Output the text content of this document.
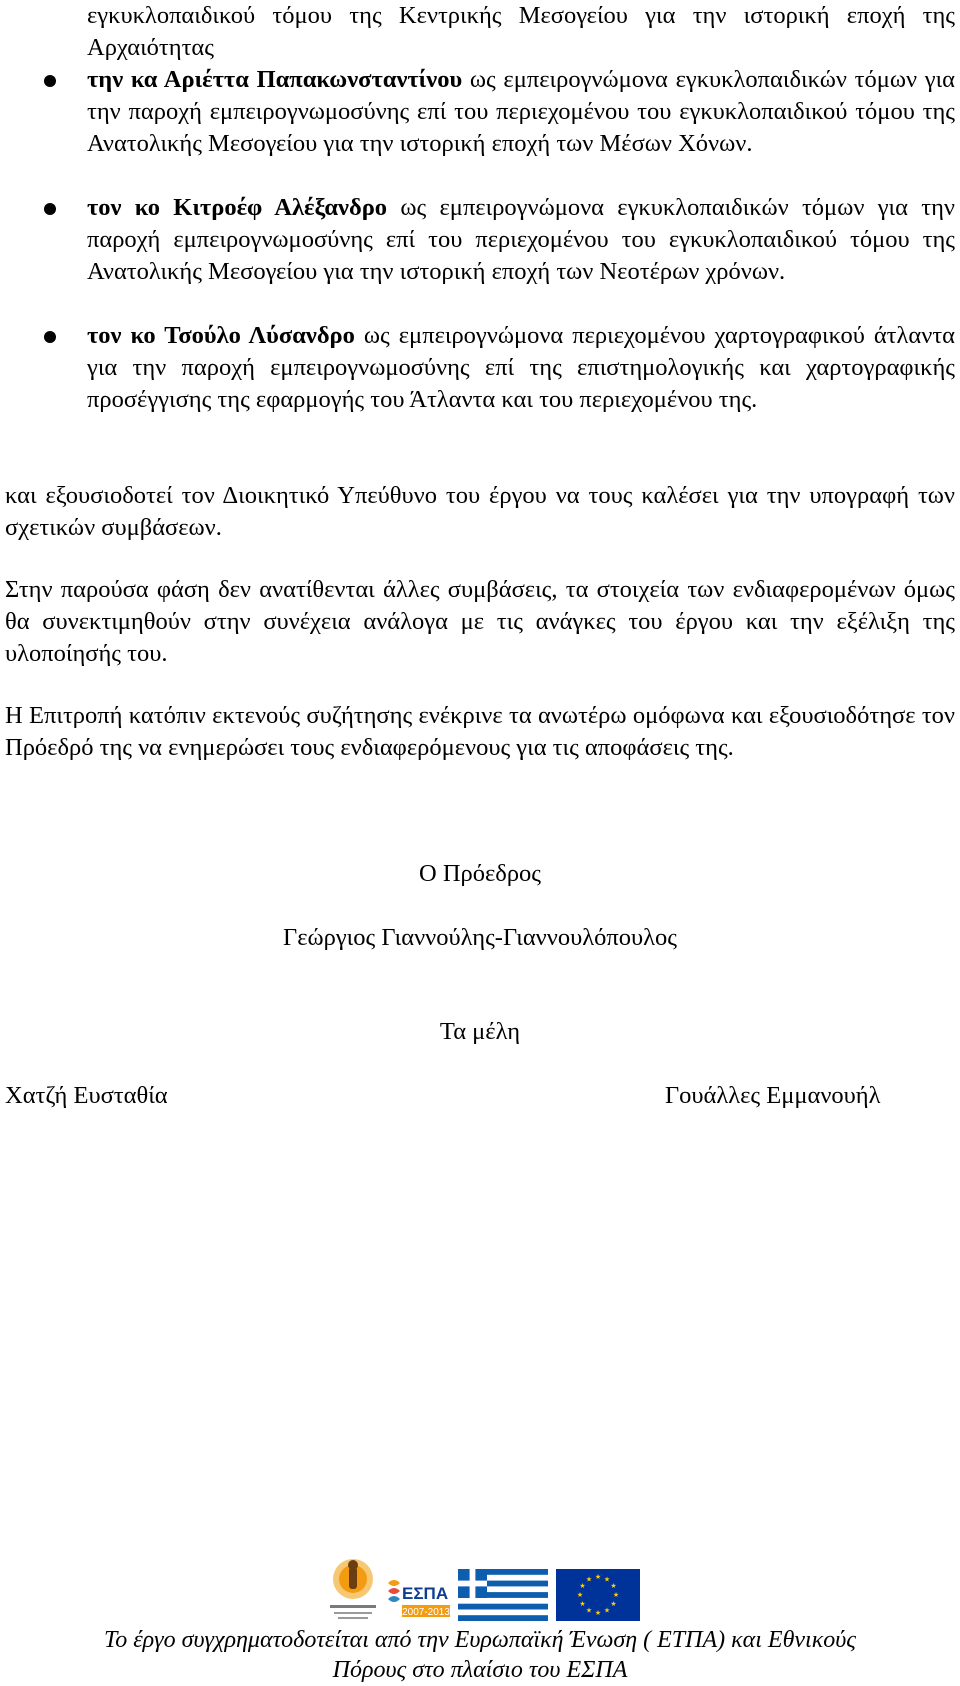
εγκυκλοπαιδικού τόμου της Κεντρικής Μεσογείου για την ιστορική εποχή της Αρχαιότητας
την κα Αριέττα Παπακωνσταντίνου ως εμπειρογνώμονα εγκυκλοπαιδικών τόμων για την παροχή εμπειρογνωμοσύνης επί του περιεχομένου του εγκυκλοπαιδικού τόμου της Ανατολικής Μεσογείου για την ιστορική εποχή των Μέσων Χόνων.
τον κο Κιτροέφ Αλέξανδρο ως εμπειρογνώμονα εγκυκλοπαιδικών τόμων για την παροχή εμπειρογνωμοσύνης επί του περιεχομένου του εγκυκλοπαιδικού τόμου της Ανατολικής Μεσογείου για την ιστορική εποχή των Νεοτέρων χρόνων.
τον κο Τσούλο Λύσανδρο ως εμπειρογνώμονα περιεχομένου χαρτογραφικού άτλαντα για την παροχή εμπειρογνωμοσύνης επί της επιστημολογικής και χαρτογραφικής προσέγγισης της εφαρμογής του Άτλαντα και του περιεχομένου της.
και εξουσιοδοτεί τον Διοικητικό Υπεύθυνο του έργου να τους καλέσει για την υπογραφή των σχετικών συμβάσεων.
Στην παρούσα φάση δεν ανατίθενται άλλες συμβάσεις, τα στοιχεία των ενδιαφερομένων όμως θα συνεκτιμηθούν στην συνέχεια ανάλογα με τις ανάγκες του έργου και την εξέλιξη της υλοποίησής του.
Η Επιτροπή κατόπιν εκτενούς συζήτησης ενέκρινε τα ανωτέρω ομόφωνα και εξουσιοδότησε τον Πρόεδρό της να ενημερώσει τους ενδιαφερόμενους για τις αποφάσεις της.
Ο Πρόεδρος
Γεώργιος Γιαννούλης-Γιαννουλόπουλος
Τα μέλη
Χατζή Ευσταθία	Γουάλλες Εμμανουήλ
ΕΣΠΑ
2007-2013
★ ★
★
★
★
★
★
★
★
★
★
★
Το έργο συγχρηματοδοτείται από την Ευρωπαϊκή Ένωση ( ΕΤΠΑ) και Εθνικούς
Πόρους στο πλαίσιο του ΕΣΠΑ
